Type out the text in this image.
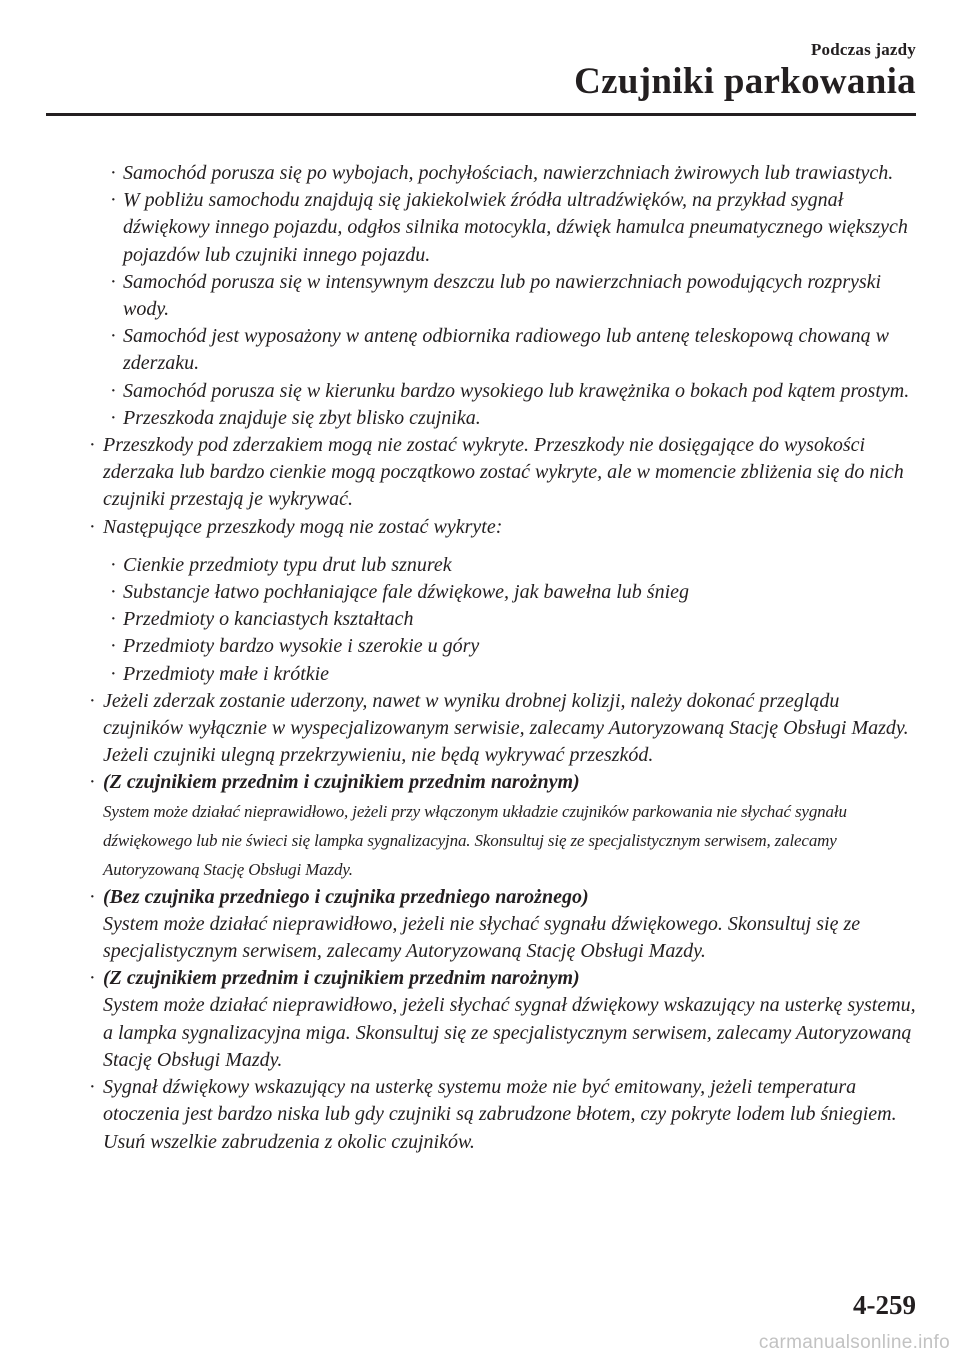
Podczas jazdy
Czujniki parkowania
· Samochód porusza się po wybojach, pochyłościach, nawierzchniach żwirowych lub trawiastych.
· W pobliżu samochodu znajdują się jakiekolwiek źródła ultradźwięków, na przykład sygnał dźwiękowy innego pojazdu, odgłos silnika motocykla, dźwięk hamulca pneumatycznego większych pojazdów lub czujniki innego pojazdu.
· Samochód porusza się w intensywnym deszczu lub po nawierzchniach powodujących rozpryski wody.
· Samochód jest wyposażony w antenę odbiornika radiowego lub antenę teleskopową chowaną w zderzaku.
· Samochód porusza się w kierunku bardzo wysokiego lub krawężnika o bokach pod kątem prostym.
· Przeszkoda znajduje się zbyt blisko czujnika.
· Przeszkody pod zderzakiem mogą nie zostać wykryte. Przeszkody nie dosięgające do wysokości zderzaka lub bardzo cienkie mogą początkowo zostać wykryte, ale w momencie zbliżenia się do nich czujniki przestają je wykrywać.
· Następujące przeszkody mogą nie zostać wykryte:
· Cienkie przedmioty typu drut lub sznurek
· Substancje łatwo pochłaniające fale dźwiękowe, jak bawełna lub śnieg
· Przedmioty o kanciastych kształtach
· Przedmioty bardzo wysokie i szerokie u góry
· Przedmioty małe i krótkie
· Jeżeli zderzak zostanie uderzony, nawet w wyniku drobnej kolizji, należy dokonać przeglądu czujników wyłącznie w wyspecjalizowanym serwisie, zalecamy Autoryzowaną Stację Obsługi Mazdy. Jeżeli czujniki ulegną przekrzywieniu, nie będą wykrywać przeszkód.
· (Z czujnikiem przednim i czujnikiem przednim narożnym)
System może działać nieprawidłowo, jeżeli przy włączonym układzie czujników parkowania nie słychać sygnału dźwiękowego lub nie świeci się lampka sygnalizacyjna. Skonsultuj się ze specjalistycznym serwisem, zalecamy Autoryzowaną Stację Obsługi Mazdy.
· (Bez czujnika przedniego i czujnika przedniego narożnego)
System może działać nieprawidłowo, jeżeli nie słychać sygnału dźwiękowego. Skonsultuj się ze specjalistycznym serwisem, zalecamy Autoryzowaną Stację Obsługi Mazdy.
· (Z czujnikiem przednim i czujnikiem przednim narożnym)
System może działać nieprawidłowo, jeżeli słychać sygnał dźwiękowy wskazujący na usterkę systemu, a lampka sygnalizacyjna miga. Skonsultuj się ze specjalistycznym serwisem, zalecamy Autoryzowaną Stację Obsługi Mazdy.
· Sygnał dźwiękowy wskazujący na usterkę systemu może nie być emitowany, jeżeli temperatura otoczenia jest bardzo niska lub gdy czujniki są zabrudzone błotem, czy pokryte lodem lub śniegiem. Usuń wszelkie zabrudzenia z okolic czujników.
4-259
carmanualsonline.info
